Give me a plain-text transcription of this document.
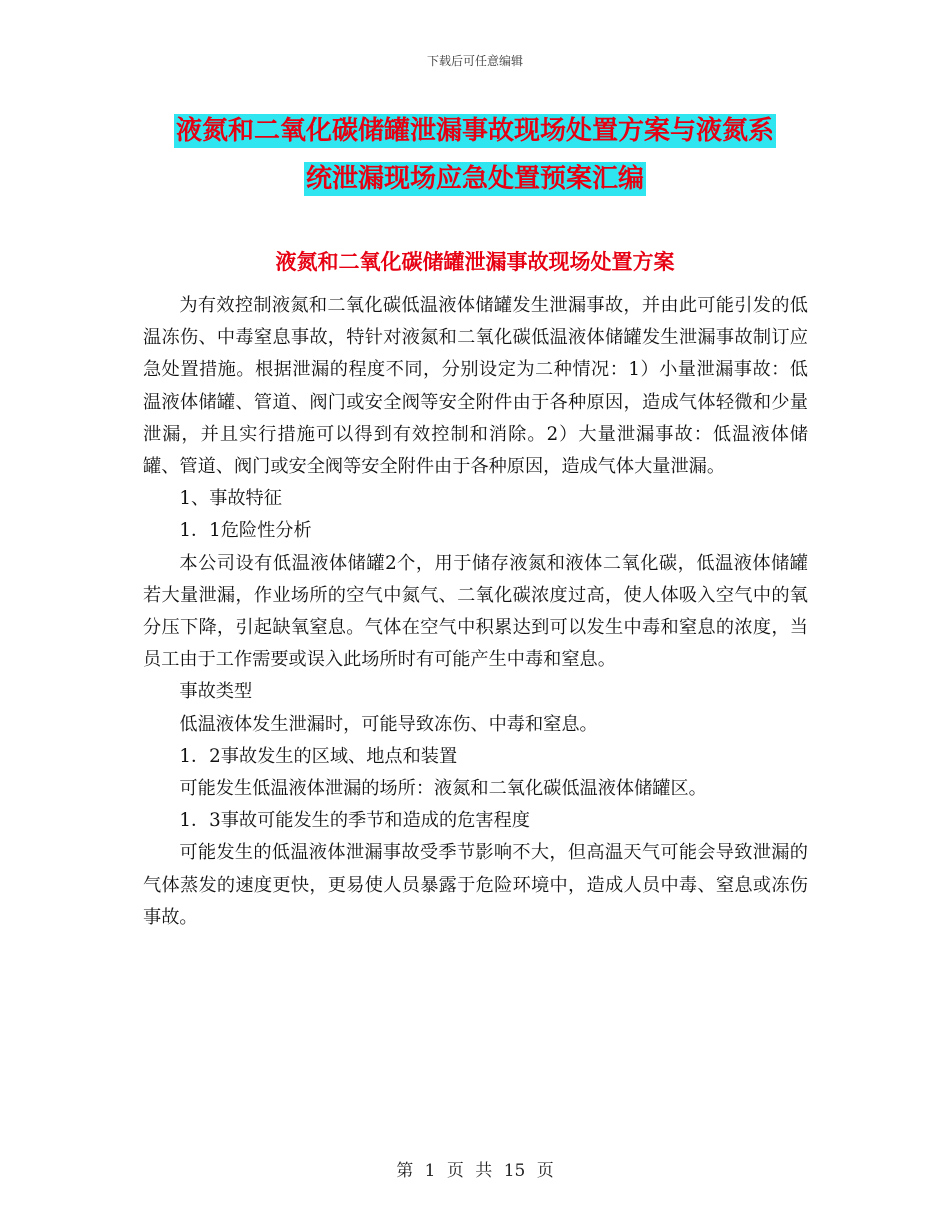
下载后可任意编辑
液氮和二氧化碳储罐泄漏事故现场处置方案与液氮系
统泄漏现场应急处置预案汇编
液氮和二氧化碳储罐泄漏事故现场处置方案

为有效控制液氮和二氧化碳低温液体储罐发生泄漏事故，并由此可能引发的低温冻伤、中毒窒息事故，特针对液氮和二氧化碳低温液体储罐发生泄漏事故制订应急处置措施。根据泄漏的程度不同，分别设定为二种情况：1）小量泄漏事故：低温液体储罐、管道、阀门或安全阀等安全附件由于各种原因，造成气体轻微和少量泄漏，并且实行措施可以得到有效控制和消除。2）大量泄漏事故：低温液体储罐、管道、阀门或安全阀等安全附件由于各种原因，造成气体大量泄漏。

1、事故特征

1．1危险性分析

本公司设有低温液体储罐2个，用于储存液氮和液体二氧化碳，低温液体储罐若大量泄漏，作业场所的空气中氮气、二氧化碳浓度过高，使人体吸入空气中的氧分压下降，引起缺氧窒息。气体在空气中积累达到可以发生中毒和窒息的浓度，当员工由于工作需要或误入此场所时有可能产生中毒和窒息。

事故类型

低温液体发生泄漏时，可能导致冻伤、中毒和窒息。

1．2事故发生的区域、地点和装置

可能发生低温液体泄漏的场所：液氮和二氧化碳低温液体储罐区。

1．3事故可能发生的季节和造成的危害程度

可能发生的低温液体泄漏事故受季节影响不大，但高温天气可能会导致泄漏的气体蒸发的速度更快，更易使人员暴露于危险环境中，造成人员中毒、窒息或冻伤事故。

第 1 页 共 15 页
